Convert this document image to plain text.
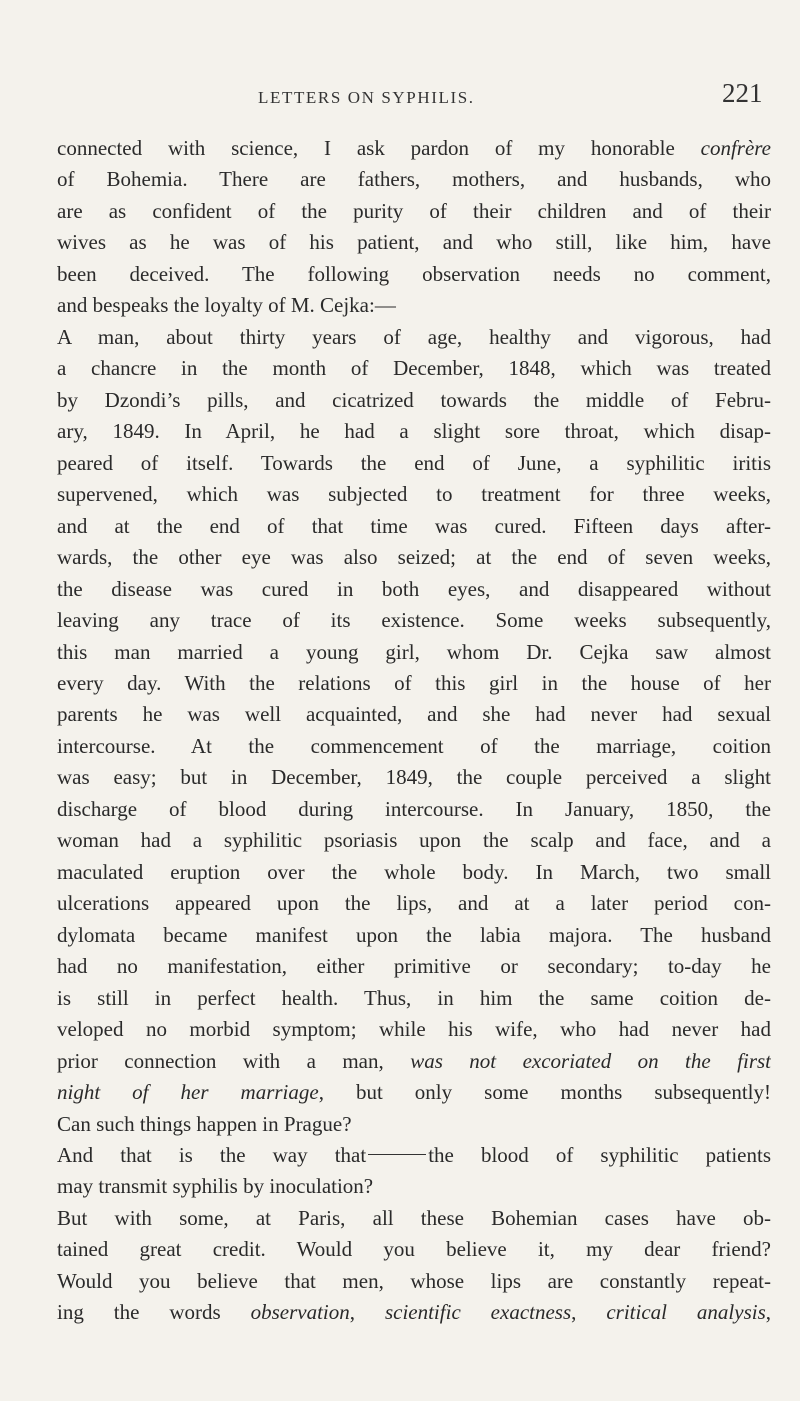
LETTERS ON SYPHILIS.	221
connected with science, I ask pardon of my honorable confrère
of Bohemia. There are fathers, mothers, and husbands, who
are as confident of the purity of their children and of their
wives as he was of his patient, and who still, like him, have
been deceived. The following observation needs no comment,
and bespeaks the loyalty of M. Cejka:—
A man, about thirty years of age, healthy and vigorous, had
a chancre in the month of December, 1848, which was treated
by Dzondi’s pills, and cicatrized towards the middle of Febru-
ary, 1849. In April, he had a slight sore throat, which disap-
peared of itself. Towards the end of June, a syphilitic iritis
supervened, which was subjected to treatment for three weeks,
and at the end of that time was cured. Fifteen days after-
wards, the other eye was also seized; at the end of seven weeks,
the disease was cured in both eyes, and disappeared without
leaving any trace of its existence. Some weeks subsequently,
this man married a young girl, whom Dr. Cejka saw almost
every day. With the relations of this girl in the house of her
parents he was well acquainted, and she had never had sexual
intercourse. At the commencement of the marriage, coition
was easy; but in December, 1849, the couple perceived a slight
discharge of blood during intercourse. In January, 1850, the
woman had a syphilitic psoriasis upon the scalp and face, and a
maculated eruption over the whole body. In March, two small
ulcerations appeared upon the lips, and at a later period con-
dylomata became manifest upon the labia majora. The husband
had no manifestation, either primitive or secondary; to-day he
is still in perfect health. Thus, in him the same coition de-
veloped no morbid symptom; while his wife, who had never had
prior connection with a man, was not excoriated on the first
night of her marriage, but only some months subsequently!
Can such things happen in Prague?
And that is the way that	the blood of syphilitic patients
may transmit syphilis by inoculation?
But with some, at Paris, all these Bohemian cases have ob-
tained great credit. Would you believe it, my dear friend?
Would you believe that men, whose lips are constantly repeat-
ing the words observation, scientific exactness, critical analysis,
